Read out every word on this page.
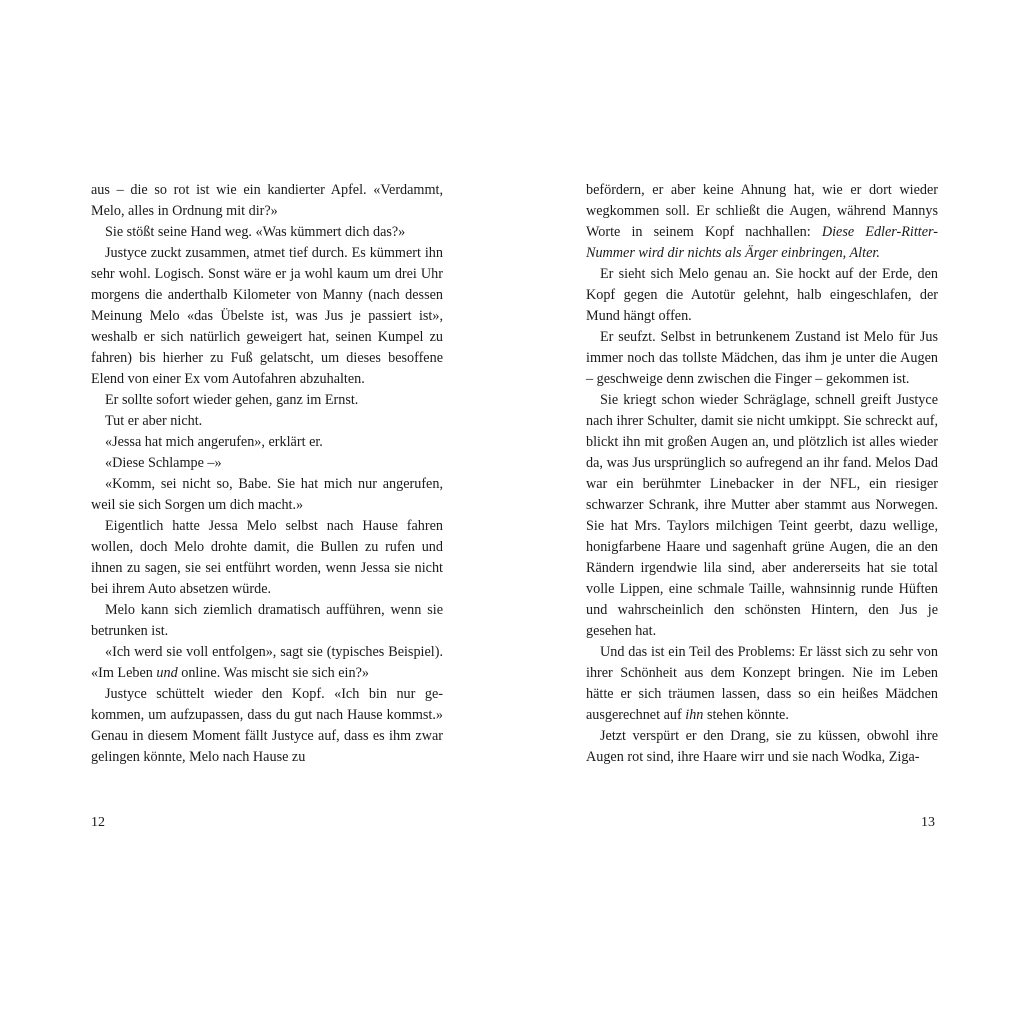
aus – die so rot ist wie ein kandierter Apfel. «Verdammt, Melo, alles in Ordnung mit dir?»

Sie stößt seine Hand weg. «Was kümmert dich das?»

Justyce zuckt zusammen, atmet tief durch. Es kümmert ihn sehr wohl. Logisch. Sonst wäre er ja wohl kaum um drei Uhr morgens die anderthalb Kilometer von Manny (nach dessen Meinung Melo «das Übelste ist, was Jus je passiert ist», weshalb er sich natürlich geweigert hat, seinen Kumpel zu fahren) bis hierher zu Fuß gelatscht, um dieses besoffene Elend von einer Ex vom Autofahren abzuhalten.

Er sollte sofort wieder gehen, ganz im Ernst.

Tut er aber nicht.

«Jessa hat mich angerufen», erklärt er.

«Diese Schlampe –»

«Komm, sei nicht so, Babe. Sie hat mich nur angerufen, weil sie sich Sorgen um dich macht.»

Eigentlich hatte Jessa Melo selbst nach Hause fahren wollen, doch Melo drohte damit, die Bullen zu rufen und ihnen zu sagen, sie sei entführt worden, wenn Jessa sie nicht bei ihrem Auto absetzen würde.

Melo kann sich ziemlich dramatisch aufführen, wenn sie betrunken ist.

«Ich werd sie voll entfolgen», sagt sie (typisches Beispiel). «Im Leben und online. Was mischt sie sich ein?»

Justyce schüttelt wieder den Kopf. «Ich bin nur gekommen, um aufzupassen, dass du gut nach Hause kommst.» Genau in diesem Moment fällt Justyce auf, dass es ihm zwar gelingen könnte, Melo nach Hause zu

12

befördern, er aber keine Ahnung hat, wie er dort wieder wegkommen soll. Er schließt die Augen, während Mannys Worte in seinem Kopf nachhallen: Diese Edler-Ritter-Nummer wird dir nichts als Ärger einbringen, Alter.

Er sieht sich Melo genau an. Sie hockt auf der Erde, den Kopf gegen die Autotür gelehnt, halb eingeschlafen, der Mund hängt offen.

Er seufzt. Selbst in betrunkenem Zustand ist Melo für Jus immer noch das tollste Mädchen, das ihm je unter die Augen – geschweige denn zwischen die Finger – gekommen ist.

Sie kriegt schon wieder Schräglage, schnell greift Justyce nach ihrer Schulter, damit sie nicht umkippt. Sie schreckt auf, blickt ihn mit großen Augen an, und plötzlich ist alles wieder da, was Jus ursprünglich so aufregend an ihr fand. Melos Dad war ein berühmter Linebacker in der NFL, ein riesiger schwarzer Schrank, ihre Mutter aber stammt aus Norwegen. Sie hat Mrs. Taylors milchigen Teint geerbt, dazu wellige, honigfarbene Haare und sagenhaft grüne Augen, die an den Rändern irgendwie lila sind, aber andererseits hat sie total volle Lippen, eine schmale Taille, wahnsinnig runde Hüften und wahrscheinlich den schönsten Hintern, den Jus je gesehen hat.

Und das ist ein Teil des Problems: Er lässt sich zu sehr von ihrer Schönheit aus dem Konzept bringen. Nie im Leben hätte er sich träumen lassen, dass so ein heißes Mädchen ausgerechnet auf ihn stehen könnte.

Jetzt verspürt er den Drang, sie zu küssen, obwohl ihre Augen rot sind, ihre Haare wirr und sie nach Wodka, Ziga-

13
